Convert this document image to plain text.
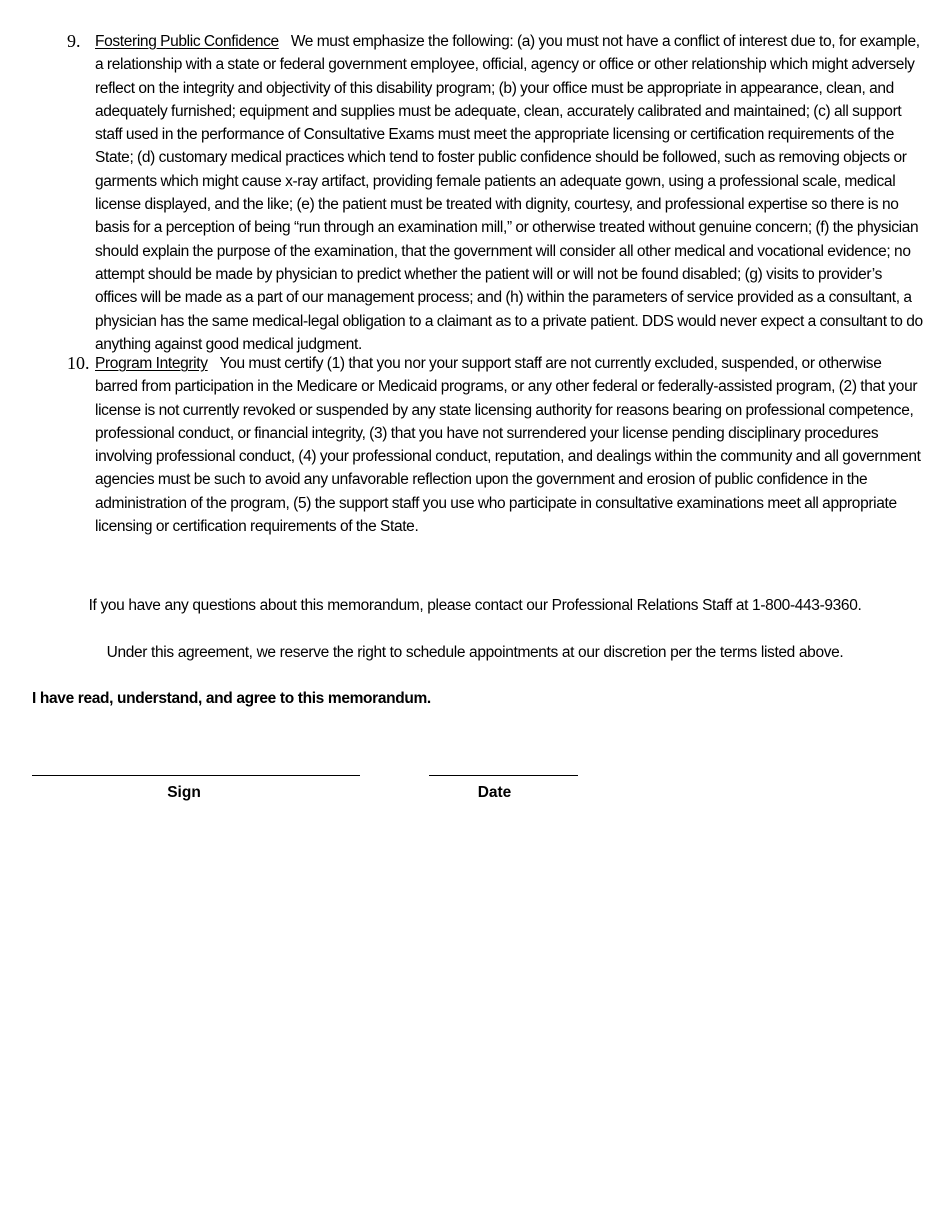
9. Fostering Public Confidence We must emphasize the following: (a) you must not have a conflict of interest due to, for example, a relationship with a state or federal government employee, official, agency or office or other relationship which might adversely reflect on the integrity and objectivity of this disability program; (b) your office must be appropriate in appearance, clean, and adequately furnished; equipment and supplies must be adequate, clean, accurately calibrated and maintained; (c) all support staff used in the performance of Consultative Exams must meet the appropriate licensing or certification requirements of the State; (d) customary medical practices which tend to foster public confidence should be followed, such as removing objects or garments which might cause x-ray artifact, providing female patients an adequate gown, using a professional scale, medical license displayed, and the like; (e) the patient must be treated with dignity, courtesy, and professional expertise so there is no basis for a perception of being “run through an examination mill,” or otherwise treated without genuine concern; (f) the physician should explain the purpose of the examination, that the government will consider all other medical and vocational evidence; no attempt should be made by physician to predict whether the patient will or will not be found disabled; (g) visits to provider’s offices will be made as a part of our management process; and (h) within the parameters of service provided as a consultant, a physician has the same medical-legal obligation to a claimant as to a private patient. DDS would never expect a consultant to do anything against good medical judgment.
10. Program Integrity You must certify (1) that you nor your support staff are not currently excluded, suspended, or otherwise barred from participation in the Medicare or Medicaid programs, or any other federal or federally-assisted program, (2) that your license is not currently revoked or suspended by any state licensing authority for reasons bearing on professional competence, professional conduct, or financial integrity, (3) that you have not surrendered your license pending disciplinary procedures involving professional conduct, (4) your professional conduct, reputation, and dealings within the community and all government agencies must be such to avoid any unfavorable reflection upon the government and erosion of public confidence in the administration of the program, (5) the support staff you use who participate in consultative examinations meet all appropriate licensing or certification requirements of the State.
If you have any questions about this memorandum, please contact our Professional Relations Staff at 1-800-443-9360.
Under this agreement, we reserve the right to schedule appointments at our discretion per the terms listed above.
I have read, understand, and agree to this memorandum.
Sign	Date
